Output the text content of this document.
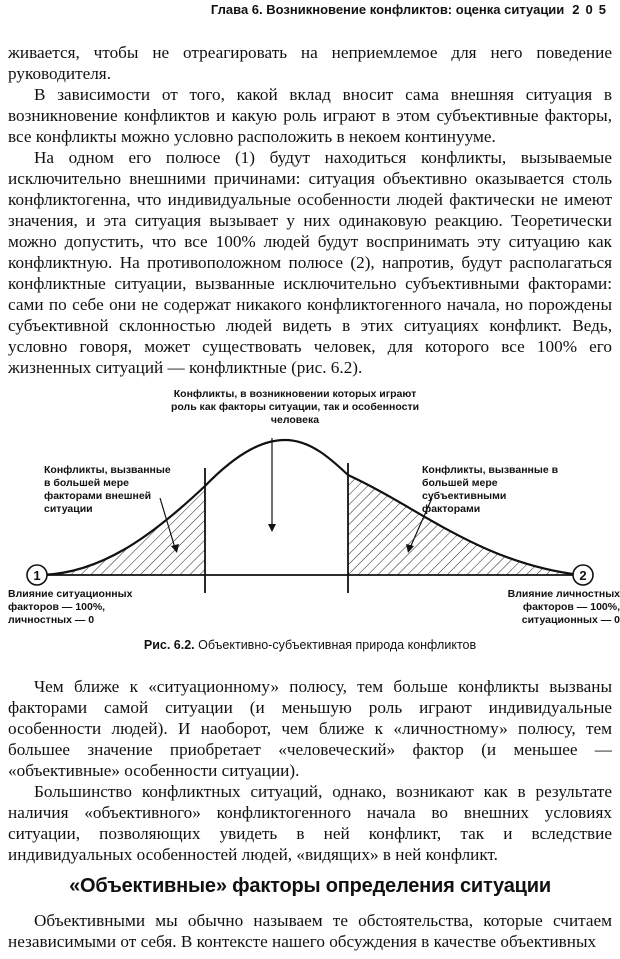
Глава 6. Возникновение конфликтов: оценка ситуации 205

живается, чтобы не отреагировать на неприемлемое для него поведение руководителя.

В зависимости от того, какой вклад вносит сама внешняя ситуация в возникновение конфликтов и какую роль играют в этом субъективные факторы, все конфликты можно условно расположить в некоем континууме.

На одном его полюсе (1) будут находиться конфликты, вызываемые исключительно внешними причинами: ситуация объективно оказывается столь конфликтогенна, что индивидуальные особенности людей фактически не имеют значения, и эта ситуация вызывает у них одинаковую реакцию. Теоретически можно допустить, что все 100% людей будут воспринимать эту ситуацию как конфликтную. На противоположном полюсе (2), напротив, будут располагаться конфликтные ситуации, вызванные исключительно субъективными факторами: сами по себе они не содержат никакого конфликтогенного начала, но порождены субъективной склонностью людей видеть в этих ситуациях конфликт. Ведь, условно говоря, может существовать человек, для которого все 100% его жизненных ситуаций — конфликтные (рис. 6.2).

1	2
Конфликты, в возникновении которых играют роль как факторы ситуации, так и особенности человека
Конфликты, вызванные в большей мере факторами внешней ситуации
Конфликты, вызванные в большей мере субъективными факторами
Влияние ситуационных факторов — 100%, личностных — 0
Влияние личностных факторов — 100%, ситуационных — 0
Рис. 6.2. Объективно-субъективная природа конфликтов

Чем ближе к «ситуационному» полюсу, тем больше конфликты вызваны факторами самой ситуации (и меньшую роль играют индивидуальные особенности людей). И наоборот, чем ближе к «личностному» полюсу, тем большее значение приобретает «человеческий» фактор (и меньшее — «объективные» особенности ситуации).

Большинство конфликтных ситуаций, однако, возникают как в результате наличия «объективного» конфликтогенного начала во внешних условиях ситуации, позволяющих увидеть в ней конфликт, так и вследствие индивидуальных особенностей людей, «видящих» в ней конфликт.

«Объективные» факторы определения ситуации

Объективными мы обычно называем те обстоятельства, которые считаем независимыми от себя. В контексте нашего обсуждения в качестве объективных
